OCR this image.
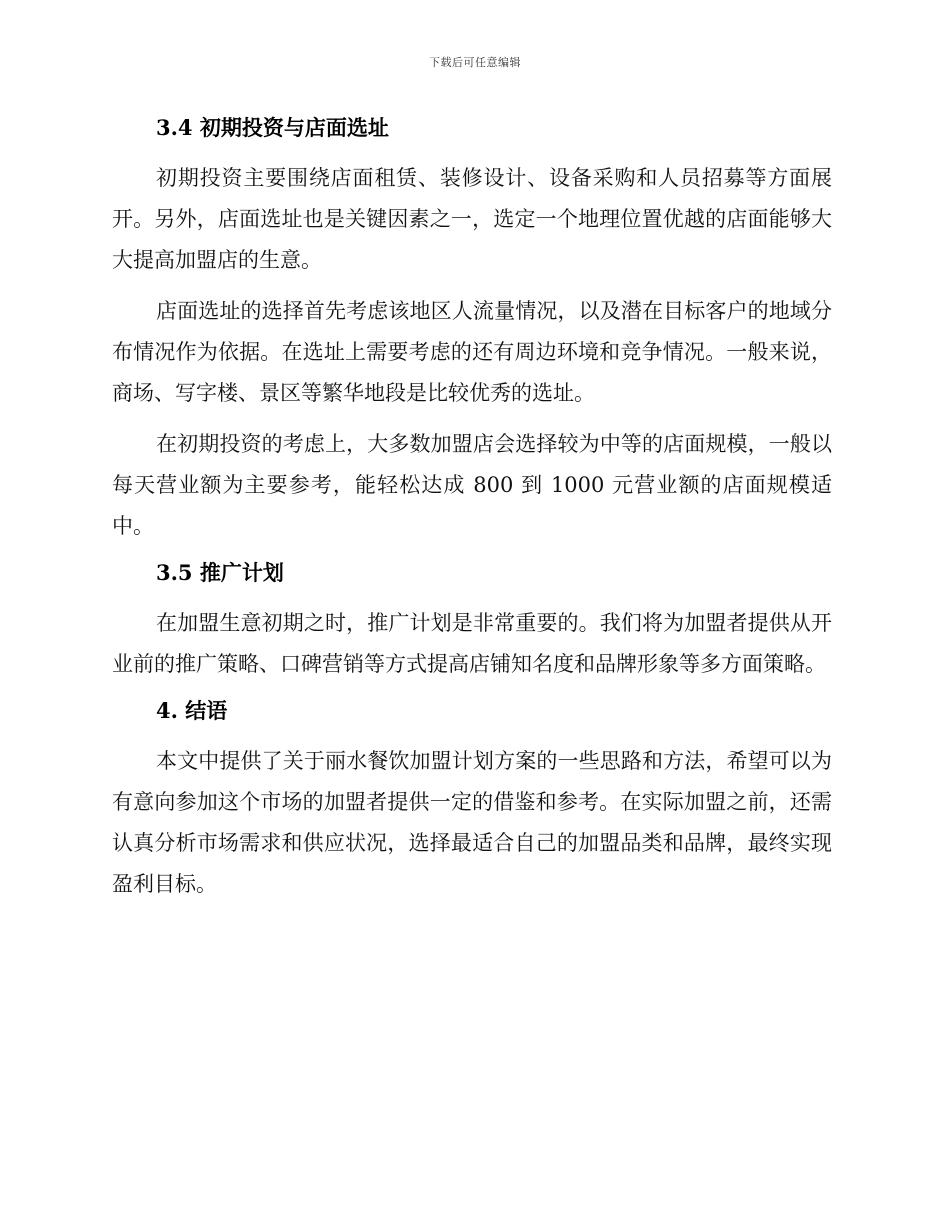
下载后可任意编辑
3.4 初期投资与店面选址

初期投资主要围绕店面租赁、装修设计、设备采购和人员招募等方面展开。另外，店面选址也是关键因素之一，选定一个地理位置优越的店面能够大大提高加盟店的生意。

店面选址的选择首先考虑该地区人流量情况，以及潜在目标客户的地域分布情况作为依据。在选址上需要考虑的还有周边环境和竞争情况。一般来说，商场、写字楼、景区等繁华地段是比较优秀的选址。

在初期投资的考虑上，大多数加盟店会选择较为中等的店面规模，一般以每天营业额为主要参考，能轻松达成 800 到 1000 元营业额的店面规模适中。

3.5 推广计划

在加盟生意初期之时，推广计划是非常重要的。我们将为加盟者提供从开业前的推广策略、口碑营销等方式提高店铺知名度和品牌形象等多方面策略。

4. 结语

本文中提供了关于丽水餐饮加盟计划方案的一些思路和方法，希望可以为有意向参加这个市场的加盟者提供一定的借鉴和参考。在实际加盟之前，还需认真分析市场需求和供应状况，选择最适合自己的加盟品类和品牌，最终实现盈利目标。
